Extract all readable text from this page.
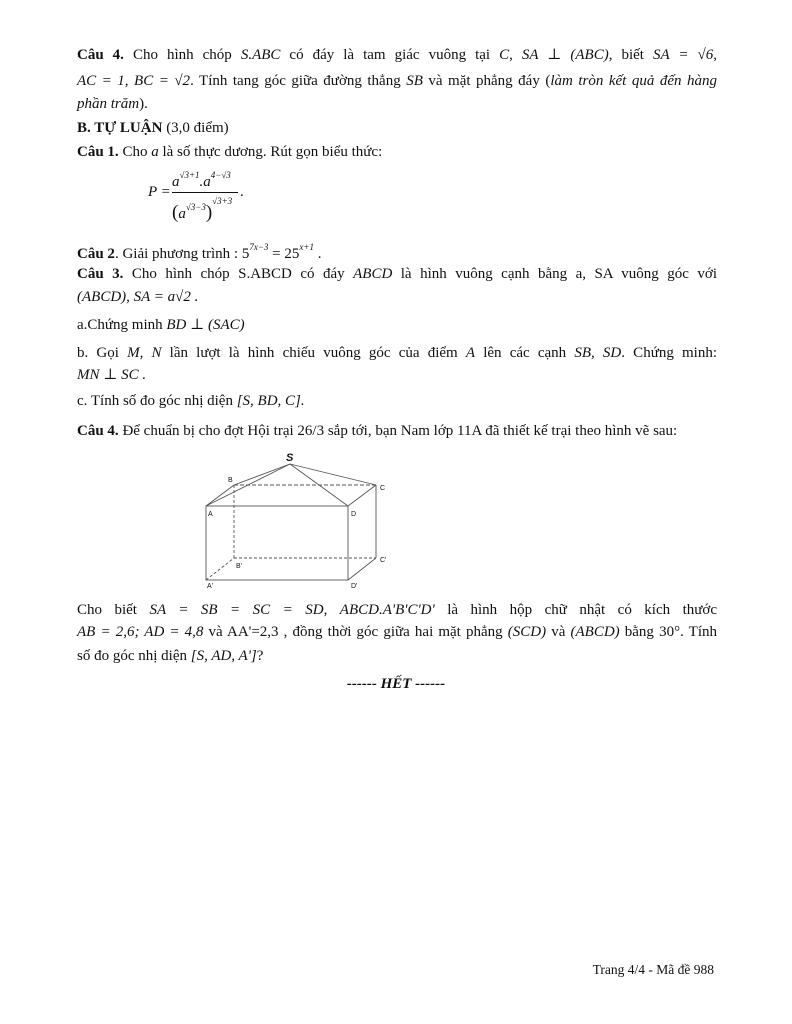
Câu 4. Cho hình chóp S.ABC có đáy là tam giác vuông tại C, SA ⊥ (ABC), biết SA = √6,
AC = 1, BC = √2. Tính tang góc giữa đường thẳng SB và mặt phẳng đáy (làm tròn kết quả đến hàng
phần trăm).
B. TỰ LUẬN (3,0 điểm)
Câu 1. Cho a là số thực dương. Rút gọn biểu thức:
P =
$a^{√3+1}.a^{4-√3}$
$(a^{√3-3})^{√3+3}$
.
Câu 2. Giải phương trình : $5^{7x-3} = 25^{x+1}$ .
Câu 3. Cho hình chóp S.ABCD có đáy ABCD là hình vuông cạnh bằng a, SA vuông góc với
(ABCD), SA = a√2 .
a.Chứng minh BD ⊥ (SAC)
b. Gọi M, N lần lượt là hình chiếu vuông góc của điểm A lên các cạnh SB, SD. Chứng minh:
MN ⊥ SC .
c. Tính số đo góc nhị diện [S, BD, C].
Câu 4. Để chuẩn bị cho đợt Hội trại 26/3 sắp tới, bạn Nam lớp 11A đã thiết kế trại theo hình vẽ sau:
S
B
C
A	D
B'
C'
A'	D'
Cho biết SA = SB = SC = SD, ABCD.A'B'C'D' là hình hộp chữ nhật có kích thước
AB = 2,6; AD = 4,8 và AA'=2,3 , đồng thời góc giữa hai mặt phẳng (SCD) và (ABCD) bằng 30°. Tính
số đo góc nhị diện [S, AD, A']?
------ HẾT ------
Trang 4/4 - Mã đề 988
